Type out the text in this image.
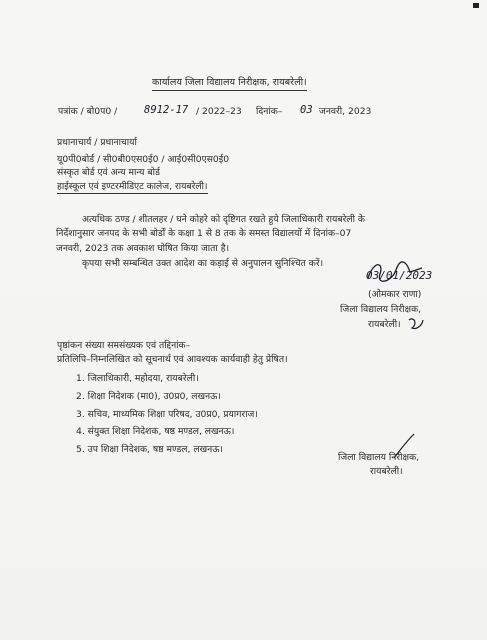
कार्यालय जिला विद्यालय निरीक्षक, रायबरेली।
पत्रांक / बो0प0 /	8912-17 / 2022–23 दिनांक– 03 जनवरी, 2023
प्रधानाचार्य / प्रधानाचार्या
यू0पी0बोर्ड / सी0बी0एस0ई0 / आई0सी0एस0ई0
संस्कृत बोर्ड एवं अन्य मान्य बोर्ड
हाईस्कूल एवं इण्टरमीडिएट कालेज, रायबरेली।
अत्यधिक ठण्ड / शीतलहर / घने कोहरे को दृष्टिगत रखते हुये जिलाधिकारी रायबरेली के
निर्देशानुसार जनपद के सभी बोर्डों के कक्षा 1 से 8 तक के समस्त विद्यालयों में दिनांक–07
जनवरी, 2023 तक अवकाश घोषित किया जाता है।
कृपया सभी सम्बन्धित उक्त आदेश का कड़ाई से अनुपालन सुनिश्चित करें।
03/01/2023
(ओमकार राणा)
जिला विद्यालय निरीक्षक,
रायबरेली।
पृष्ठांकन संख्या समसंख्यक एवं तद्दिनांक–
प्रतिलिपि–निम्नलिखित को सूचनार्थ एवं आवश्यक कार्यवाही हेतु प्रेषित।
1. जिलाधिकारी, महोदया, रायबरेली।
2. शिक्षा निदेशक (मा0), उ0प्र0, लखनऊ।
3. सचिव, माध्यमिक शिक्षा परिषद, उ0प्र0, प्रयागराज।
4. संयुक्त शिक्षा निदेशक, षष्ठ मण्डल, लखनऊ।
5. उप शिक्षा निदेशक, षष्ठ मण्डल, लखनऊ।
जिला विद्यालय निरीक्षक,
रायबरेली।
